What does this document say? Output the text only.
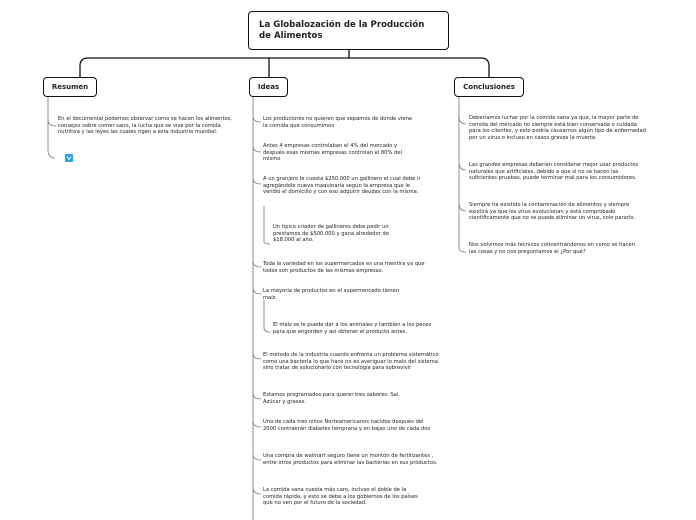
La Globalozación de la Producción de Alimentos
Resumen	Ideas	Conclusiones
En el documental podemos observar como se hacen los alimentos, consejos sobre comer sano, la lucha que se vive por la comida nutritiva y las leyes las cuales rigen a esta industria mundial.
Los productores no quieren que sepamos de donde viene la comida que consumimos
Antes 4 empresas controlaban el 4% del mercado y después esas mismas empresas controlan el 80% del mismo
A un granjero le cuesta $250.000 un gallinero el cual debe ir agregándole nueva maquinaria según la empresa que le vendió el domicilio y con eso adquirir deudas con la misma.
Un típico criador de gallineros debe pedir un prestamos de $500.000 y gana alrededor de $18.000 al año.
Toda la variedad en los supermercados es una mentira ya que todos son productos de las mismas empresas.
La mayoría de productos en el supermercado tienen maíz.
El maíz se le puede dar a los animales y también a los peces para que engorden y así obtener el producto antes.
El método de la industria cuando enfrenta un problema sistemático como una bacteria lo que hace no es averiguar lo malo del sistema sino tratar de solucionarlo con tecnología para sobrevivir
Estamos programados para querer tres sabores: Sal, Azúcar y grasas.
Uno de cada tres niños Norteamericanos nacidos después del 2000 contraerán diabetes temprana y en bajas uno de cada dos
Una compra de walmart seguro tiene un montón de fertilizantes , entre otros productos para eliminar las bacterias en sus productos.
La comida sana cuesta más caro, incluso el doble de la comida rápida, y esto se debe a los gobiernos de los países que no ven por el futuro de la sociedad.
Deberíamos luchar por la comida sana ya que, la mayor parte de comida del mercado no siempre está bien conservada o cuidada para los clientes, y esto podría causarnos algún tipo de enfermedad por un virus o incluso en casos graves la muerte.
Las grandes empresas deberían considerar mejor usar productos naturales que artificiales, debido a que si no se hacen las suficientes pruebas, puede terminar mal para los consumidores.
Siempre ha existido la contaminación de alimentos y siempre existirá ya que los virus evolucionan y está comprobado científicamente que no se puede eliminar un virus, solo pararlo.
Nos volvimos más técnicos concentrándonos en como se hacen las cosas y no nos preguntamos el ¿Por qué?
